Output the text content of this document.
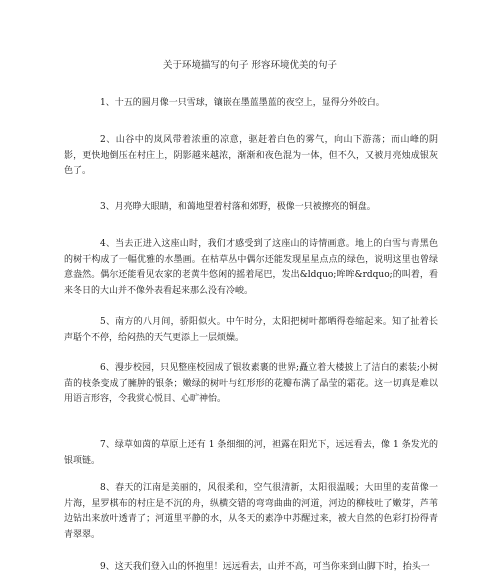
关于环境描写的句子 形容环境优美的句子

1、十五的圆月像一只雪球，镶嵌在墨蓝墨蓝的夜空上，显得分外皎白。

2、山谷中的岚风带着浓重的凉意，驱赶着白色的雾气，向山下游荡；而山峰的阴影，更快地倒压在村庄上，阴影越来越浓，渐渐和夜色混为一体，但不久，又被月亮烛成银灰色了。

3、月亮睁大眼睛，和蔼地望着村落和郊野，极像一只被擦亮的铜盘。

4、当去正进入这座山时，我们才感受到了这座山的诗情画意。地上的白雪与青黑色的树干构成了一幅优雅的水墨画。在枯草丛中偶尔还能发现星星点点的绿色，说明这里也曾绿意盎然。偶尔还能看见农家的老黄牛悠闲的摇着尾巴，发出&ldquo;哞哞&rdquo;的叫着，看来冬日的大山并不像外表看起来那么没有冷峻。

5、南方的八月间，骄阳似火。中午时分，太阳把树叶都晒得卷缩起来。知了扯着长声聒个不停，给闷热的天气更添上一层烦燥。

6、漫步校园，只见整座校园成了银妆素裹的世界;矗立着大楼披上了洁白的素装;小树苗的枝条变成了臃肿的银条；嫩绿的树叶与红形形的花瓣布满了晶莹的霜花。这一切真是难以用语言形容，令我赏心悦目、心旷神怡。

7、绿草如茵的草原上还有 1 条细细的河，袒露在阳光下，远远看去，像 1 条发光的银项链。

8、春天的江南是美丽的，风很柔和，空气很清新，太阳很温暖；大田里的麦苗像一片海，星罗棋布的村庄是不沉的舟，纵横交错的弯弯曲曲的河道，河边的柳枝吐了嫩芽，芦苇边钻出来放叶透青了；河道里平静的水，从冬天的素净中苏醒过来，被大自然的色彩打扮得青青翠翠。

9、这天我们登入山的怀抱里！远远看去，山并不高，可当你来到山脚下时，抬头一
